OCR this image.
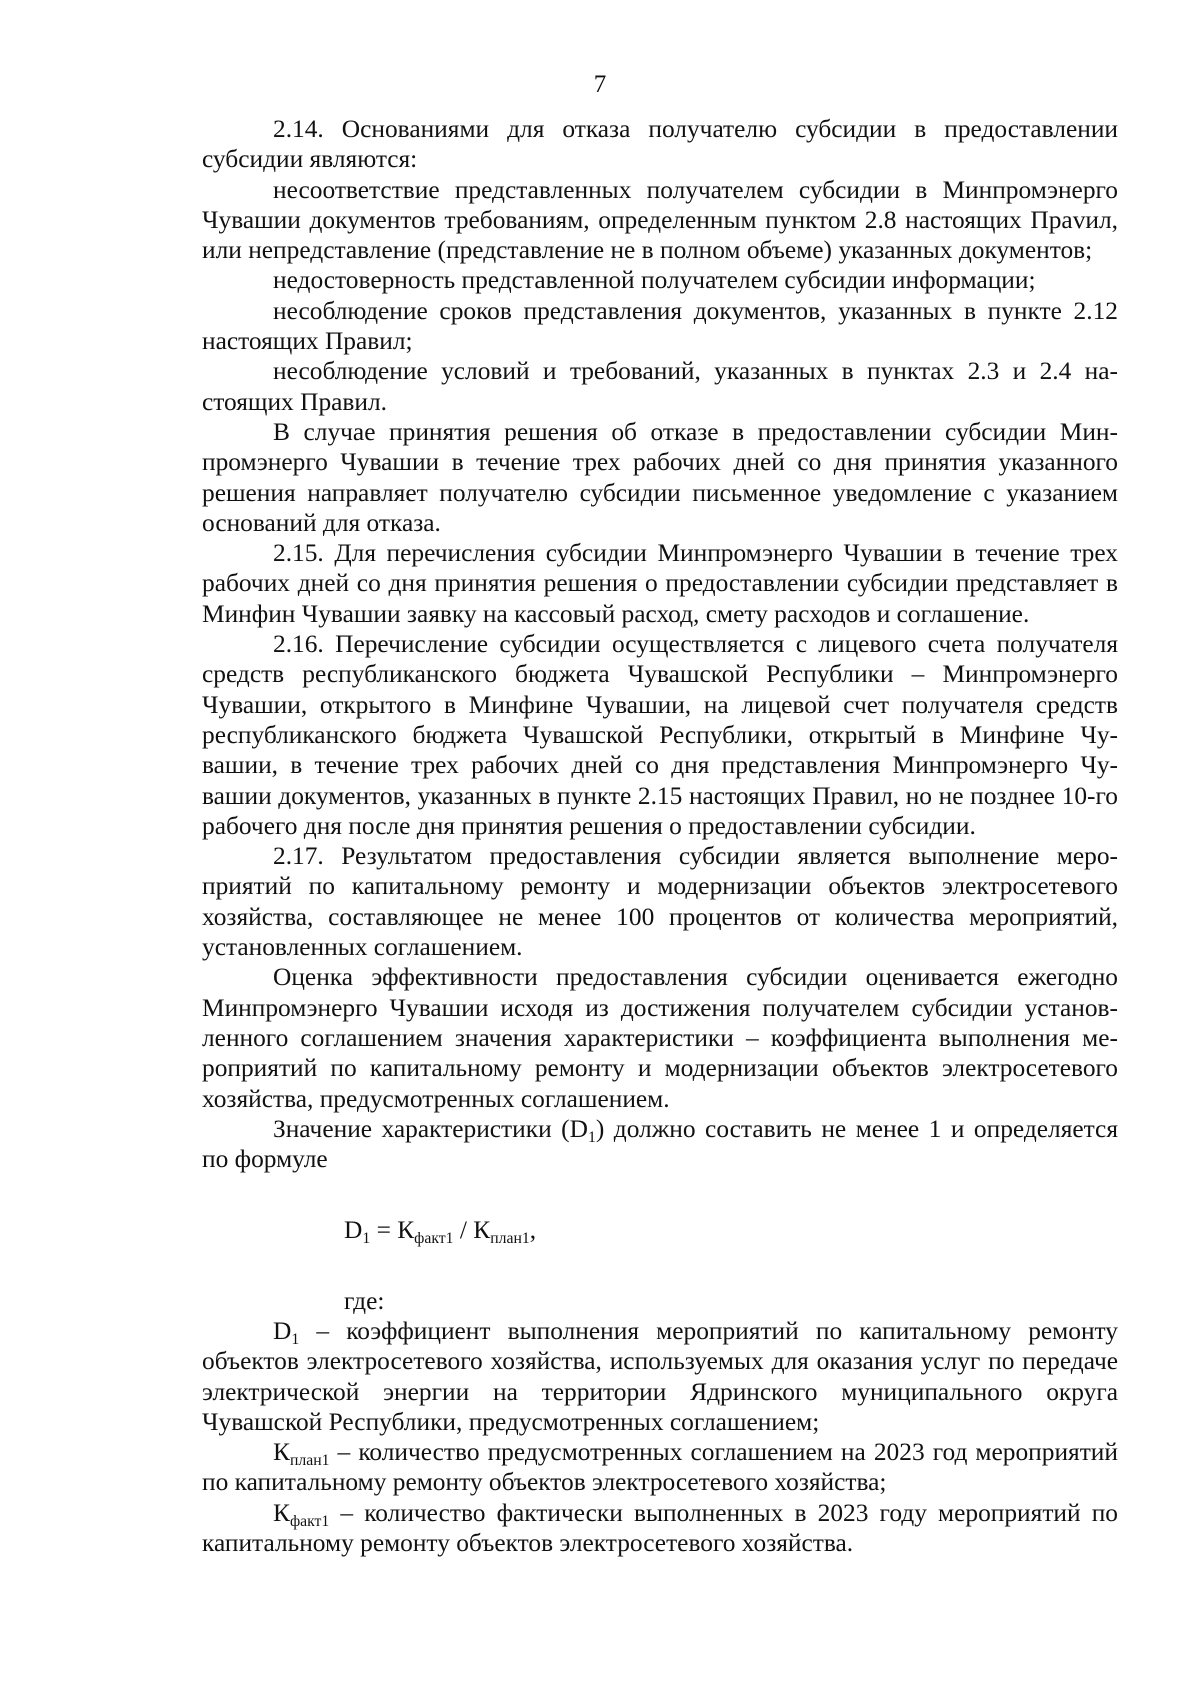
7

2.14. Основаниями для отказа получателю субсидии в предоставлении субсидии являются:

несоответствие представленных получателем субсидии в Минпромэнерго Чувашии документов требованиям, определенным пунктом 2.8 настоящих Праvил, или непредставление (представление не в полном объеме) указанных документов;

недостоверность представленной получателем субсидии информации;

несоблюдение сроков представления документов, указанных в пункте 2.12 настоящих Правил;

несоблюдение условий и требований, указанных в пунктах 2.3 и 2.4 настоящих Правил.

В случае принятия решения об отказе в предоставлении субсидии Минпромэнерго Чувашии в течение трех рабочих дней со дня принятия указанного решения направляет получателю субсидии письменное уведомление с указанием оснований для отказа.

2.15. Для перечисления субсидии Минпромэнерго Чувашии в течение трех рабочих дней со дня принятия решения о предоставлении субсидии представляет в Минфин Чувашии заявку на кассовый расход, смету расходов и соглашение.

2.16. Перечисление субсидии осуществляется с лицевого счета получателя средств республиканского бюджета Чувашской Республики – Минпромэнерго Чувашии, открытого в Минфине Чувашии, на лицевой счет получателя средств республиканского бюджета Чувашской Республики, открытый в Минфине Чувашии, в течение трех рабочих дней со дня представления Минпромэнерго Чувашии документов, указанных в пункте 2.15 настоящих Правил, но не позднее 10-го рабочего дня после дня принятия решения о предоставлении субсидии.

2.17. Результатом предоставления субсидии является выполнение мероприятий по капитальному ремонту и модернизации объектов электросетевого хозяйства, составляющее не менее 100 процентов от количества мероприятий, установленных соглашением.

Оценка эффективности предоставления субсидии оценивается ежегодно Минпромэнерго Чувашии исходя из достижения получателем субсидии установленного соглашением значения характеристики – коэффициента выполнения мероприятий по капитальному ремонту и модернизации объектов электросетевого хозяйства, предусмотренных соглашением.

Значение характеристики $(D_1)$ должно составить не менее 1 и определяется по формуле

$D_1 = К_{факт1} / К_{план1}$,

где:

$D_1$ – коэффициент выполнения мероприятий по капитальному ремонту объектов электросетевого хозяйства, используемых для оказания услуг по передаче электрической энергии на территории Ядринского муниципального округа Чувашской Республики, предусмотренных соглашением;

$К_{план1}$ – количество предусмотренных соглашением на 2023 год мероприятий по капитальному ремонту объектов электросетевого хозяйства;

$К_{факт1}$ – количество фактически выполненных в 2023 году мероприятий по капитальному ремонту объектов электросетевого хозяйства.
